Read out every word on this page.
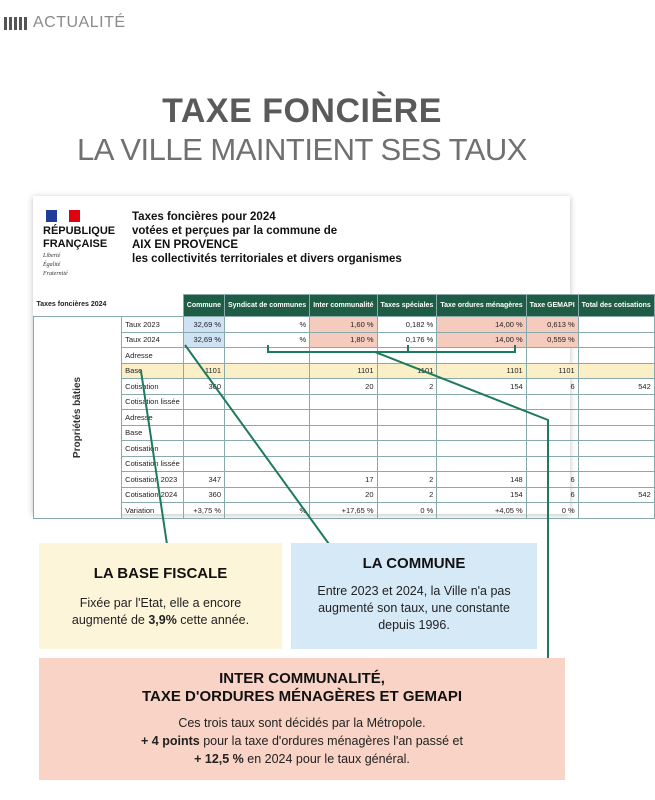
ACTUALITÉ
TAXE FONCIÈRE
LA VILLE MAINTIENT SES TAUX
RÉPUBLIQUE
FRANÇAISE
Liberté
Égalité
Fraternité
Taxes foncières pour 2024
votées et perçues par la commune de
AIX EN PROVENCE
les collectivités territoriales et divers organismes
Taxes foncières 2024		Commune	Syndicat de communes	Inter communalité	Taxes spéciales	Taxe ordures ménagères	Taxe GEMAPI	Total des cotisations
Propriétés bâties	Taux 2023	32,69 %	%	1,60 %	0,182 %	14,00 %	0,613 %	
	Taux 2024	32,69 %	%	1,80 %	0,176 %	14,00 %	0,559 %	
	Adresse							
	Base	1101		1101	1101	1101	1101	
	Cotisation	360		20	2	154	6	542
	Cotisation lissée							
	Adresse							
	Base							
	Cotisation							
	Cotisation lissée							
	Cotisation 2023	347		17	2	148	6	
	Cotisation 2024	360		20	2	154	6	542
	Variation	+3,75 %	%	+17,65 %	0 %	+4,05 %	0 %	
LA BASE FISCALE

Fixée par l'Etat, elle a encore

augmenté de 3,9% cette année.

LA COMMUNE

Entre 2023 et 2024, la Ville n'a pas

augmenté son taux, une constante

depuis 1996.

INTER COMMUNALITÉ,
TAXE D'ORDURES MÉNAGÈRES ET GEMAPI

Ces trois taux sont décidés par la Métropole.

+ 4 points pour la taxe d'ordures ménagères l'an passé et

+ 12,5 % en 2024 pour le taux général.
